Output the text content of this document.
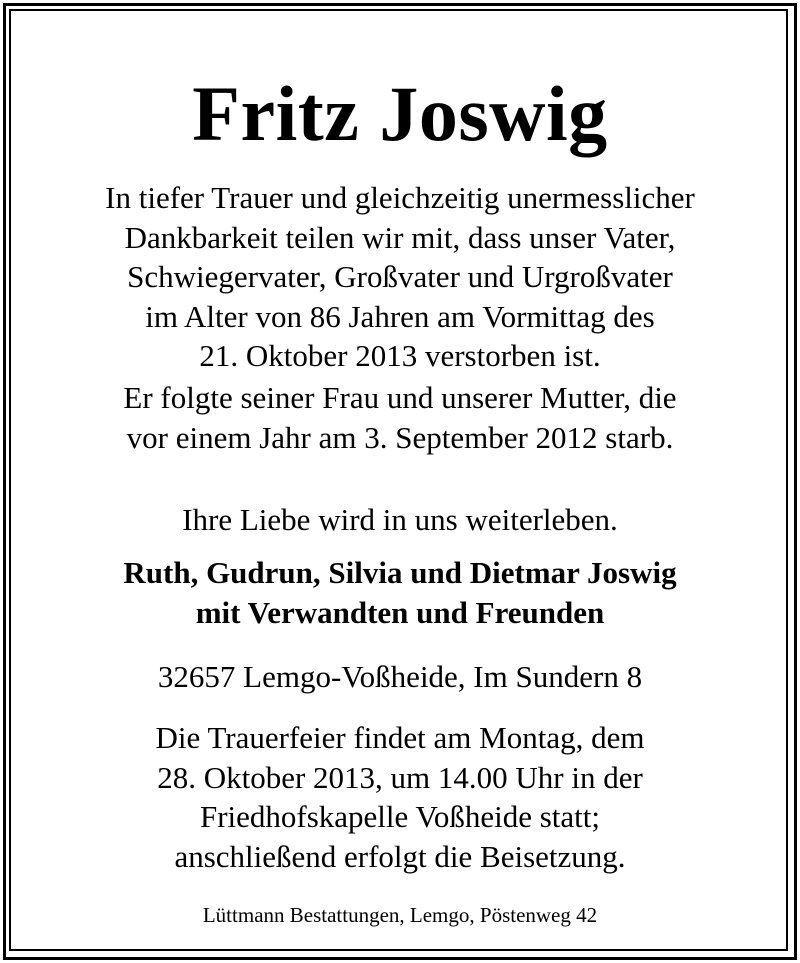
Fritz Joswig

In tiefer Trauer und gleichzeitig unermesslicher
Dankbarkeit teilen wir mit, dass unser Vater,
Schwiegervater, Großvater und Urgroßvater
im Alter von 86 Jahren am Vormittag des
21. Oktober 2013 verstorben ist.

Er folgte seiner Frau und unserer Mutter, die
vor einem Jahr am 3. September 2012 starb.

Ihre Liebe wird in uns weiterleben.

Ruth, Gudrun, Silvia und Dietmar Joswig
mit Verwandten und Freunden

32657 Lemgo-Voßheide, Im Sundern 8

Die Trauerfeier findet am Montag, dem
28. Oktober 2013, um 14.00 Uhr in der
Friedhofskapelle Voßheide statt;
anschließend erfolgt die Beisetzung.

Lüttmann Bestattungen, Lemgo, Pöstenweg 42
